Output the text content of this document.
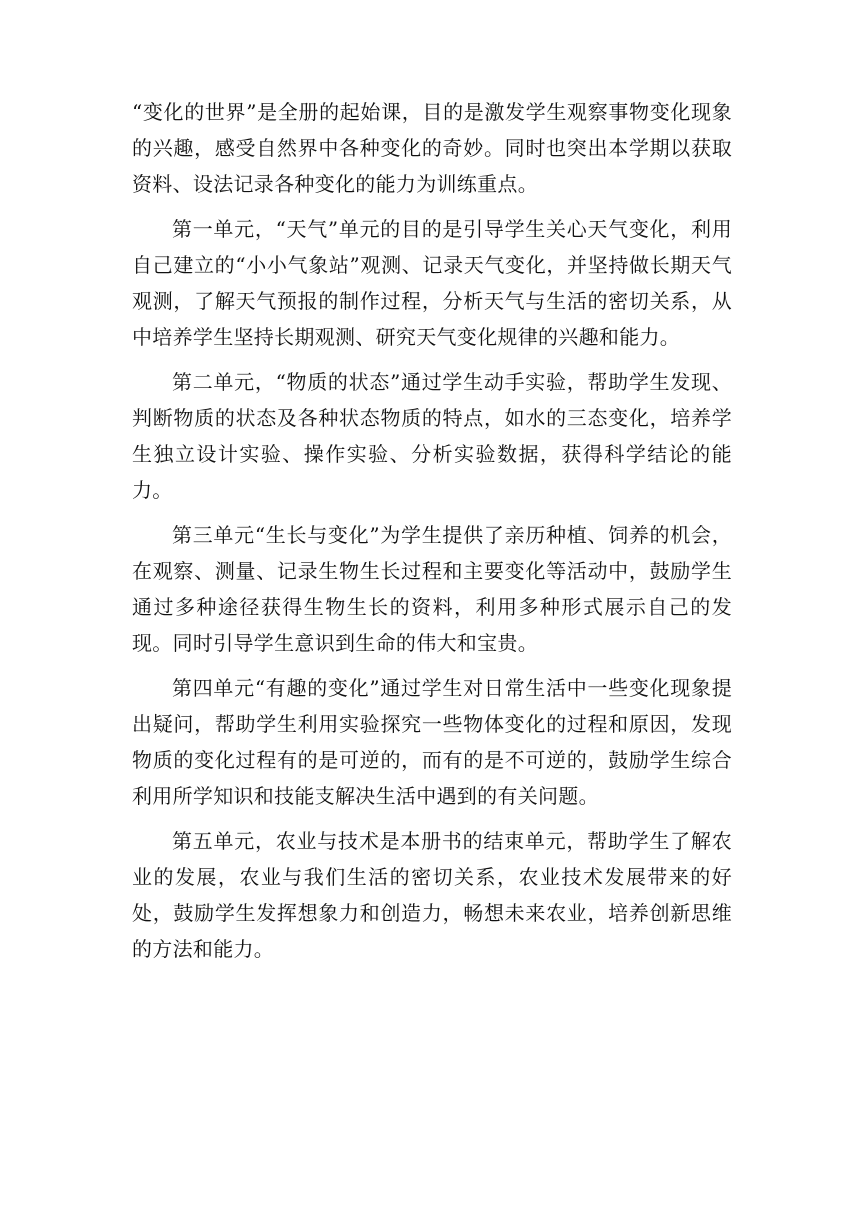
“变化的世界”是全册的起始课，目的是激发学生观察事物变化现象的兴趣，感受自然界中各种变化的奇妙。同时也突出本学期以获取资料、设法记录各种变化的能力为训练重点。

第一单元，“天气”单元的目的是引导学生关心天气变化，利用自己建立的“小小气象站”观测、记录天气变化，并坚持做长期天气观测，了解天气预报的制作过程，分析天气与生活的密切关系，从中培养学生坚持长期观测、研究天气变化规律的兴趣和能力。

第二单元，“物质的状态”通过学生动手实验，帮助学生发现、判断物质的状态及各种状态物质的特点，如水的三态变化，培养学生独立设计实验、操作实验、分析实验数据，获得科学结论的能力。

第三单元“生长与变化”为学生提供了亲历种植、饲养的机会，在观察、测量、记录生物生长过程和主要变化等活动中，鼓励学生通过多种途径获得生物生长的资料，利用多种形式展示自己的发现。同时引导学生意识到生命的伟大和宝贵。

第四单元“有趣的变化”通过学生对日常生活中一些变化现象提出疑问，帮助学生利用实验探究一些物体变化的过程和原因，发现物质的变化过程有的是可逆的，而有的是不可逆的，鼓励学生综合利用所学知识和技能支解决生活中遇到的有关问题。

第五单元，农业与技术是本册书的结束单元，帮助学生了解农业的发展，农业与我们生活的密切关系，农业技术发展带来的好处，鼓励学生发挥想象力和创造力，畅想未来农业，培养创新思维的方法和能力。
